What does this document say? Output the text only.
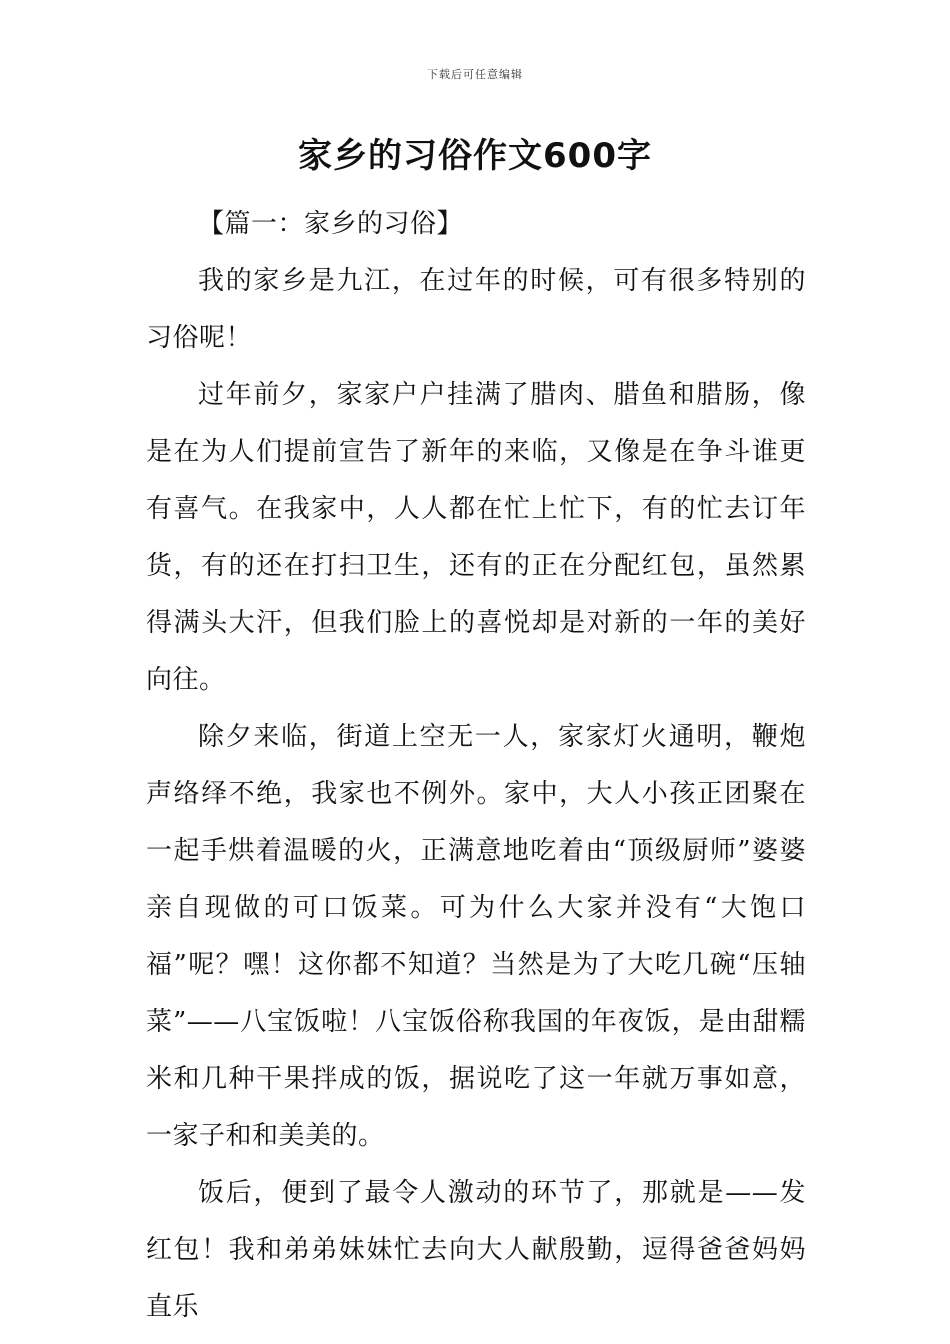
下载后可任意编辑
家乡的习俗作文600字

【篇一：家乡的习俗】

我的家乡是九江，在过年的时候，可有很多特别的习俗呢！

过年前夕，家家户户挂满了腊肉、腊鱼和腊肠，像是在为人们提前宣告了新年的来临，又像是在争斗谁更有喜气。在我家中，人人都在忙上忙下，有的忙去订年货，有的还在打扫卫生，还有的正在分配红包，虽然累得满头大汗，但我们脸上的喜悦却是对新的一年的美好向往。

除夕来临，街道上空无一人，家家灯火通明，鞭炮声络绎不绝，我家也不例外。家中，大人小孩正团聚在一起手烘着温暖的火，正满意地吃着由“顶级厨师”婆婆亲自现做的可口饭菜。可为什么大家并没有“大饱口福”呢？嘿！这你都不知道？当然是为了大吃几碗“压轴菜”——八宝饭啦！八宝饭俗称我国的年夜饭，是由甜糯米和几种干果拌成的饭，据说吃了这一年就万事如意，一家子和和美美的。

饭后，便到了最令人激动的环节了，那就是——发红包！我和弟弟妹妹忙去向大人献殷勤，逗得爸爸妈妈直乐
